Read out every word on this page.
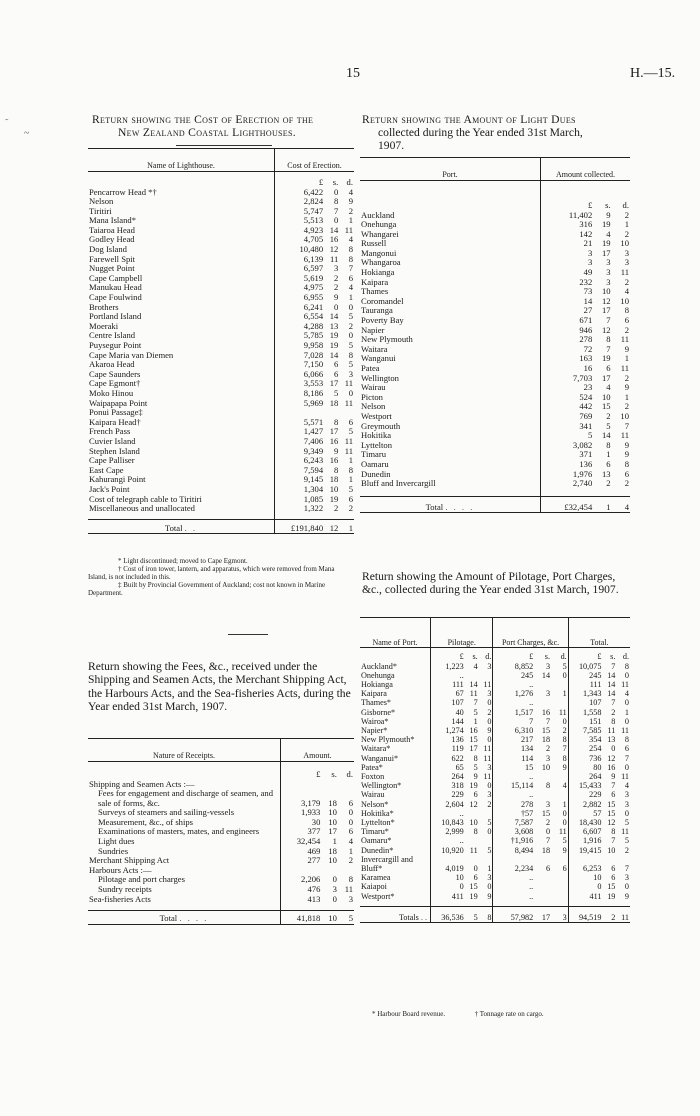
15	H.—15.
˜
~
Return showing the Cost of Erection of the
New Zealand Coastal Lighthouses.
Name of Lighthouse.	Cost of Erection.		
	£	s.	d.
Pencarrow Head *†	6,422	0	4
Nelson	2,824	8	9
Tiritiri	5,747	7	2
Mana Island*	5,513	0	1
Taiaroa Head	4,923	14	11
Godley Head	4,705	16	4
Dog Island	10,480	12	8
Farewell Spit	6,139	11	8
Nugget Point	6,597	3	7
Cape Campbell	5,619	2	6
Manukau Head	4,975	2	4
Cape Foulwind	6,955	9	1
Brothers	6,241	0	0
Portland Island	6,554	14	5
Moeraki	4,288	13	2
Centre Island	5,785	19	0
Puysegur Point	9,958	19	5
Cape Maria van Diemen	7,028	14	8
Akaroa Head	7,150	6	5
Cape Saunders	6,066	6	3
Cape Egmont†	3,553	17	11
Moko Hinou	8,186	5	0
Waipapapa Point	5,969	18	11
Ponui Passage‡			
Kaipara Head†	5,571	8	6
French Pass	1,427	17	5
Cuvier Island	7,406	16	11
Stephen Island	9,349	9	11
Cape Palliser	6,243	16	1
East Cape	7,594	8	8
Kahurangi Point	9,145	18	1
Jack's Point	1,304	10	5
Cost of telegraph cable to Tiritiri	1,085	19	6
Miscellaneous and unallocated	1,322	2	2

Total . .	£191,840	12	1
* Light discontinued; moved to Cape Egmont.
† Cost of iron tower, lantern, and apparatus, which were removed from Mana Island, is not included in this.
‡ Built by Provincial Government of Auckland; cost not known in Marine Department.
Return showing the Amount of Light Dues
collected during the Year ended 31st March,
1907.
Port.	Amount collected.		
	£	s.	d.
Auckland	11,402	9	2
Onehunga	316	19	1
Whangarei	142	4	2
Russell	21	19	10
Mangonui	3	17	3
Whangaroa	3	3	3
Hokianga	49	3	11
Kaipara	232	3	2
Thames	73	10	4
Coromandel	14	12	10
Tauranga	27	17	8
Poverty Bay	671	7	6
Napier	946	12	2
New Plymouth	278	8	11
Waitara	72	7	9
Wanganui	163	19	1
Patea	16	6	11
Wellington	7,703	17	2
Wairau	23	4	9
Picton	524	10	1
Nelson	442	15	2
Westport	769	2	10
Greymouth	341	5	7
Hokitika	5	14	11
Lyttelton	3,082	8	9
Timaru	371	1	9
Oamaru	136	6	8
Dunedin	1,976	13	6
Bluff and Invercargill	2,740	2	2

Total . . . .	£32,454	1	4
Return showing the Fees, &c., received under the Shipping and Seamen Acts, the Merchant Shipping Act, the Harbours Acts, and the Sea-fisheries Acts, during the Year ended 31st March, 1907.
Nature of Receipts.	Amount.		
	£	s.	d.
Shipping and Seamen Acts :—			
Fees for engagement and discharge of seamen, and sale of forms, &c.	3,179	18	6
Surveys of steamers and sailing-vessels	1,933	10	0
Measurement, &c., of ships	30	10	0
Examinations of masters, mates, and engineers	377	17	6
Light dues	32,454	1	4
Sundries	469	18	1
Merchant Shipping Act	277	10	2
Harbours Acts :—			
Pilotage and port charges	2,206	0	8
Sundry receipts	476	3	11
Sea-fisheries Acts	413	0	3

Total . . . .	41,818	10	5
Return showing the Amount of Pilotage, Port Charges, &c., collected during the Year ended 31st March, 1907.
Name of Port.	Pilotage.			Port Charges, &c.			Total.		
	£	s.	d.	£	s.	d.	£	s.	d.
Auckland*	1,223	4	3	8,852	3	5	10,075	7	8
Onehunga	..			245	14	0	245	14	0
Hokianga	111	14	11	..			111	14	11
Kaipara	67	11	3	1,276	3	1	1,343	14	4
Thames*	107	7	0	..			107	7	0
Gisborne*	40	5	2	1,517	16	11	1,558	2	1
Wairoa*	144	1	0	7	7	0	151	8	0
Napier*	1,274	16	9	6,310	15	2	7,585	11	11
New Plymouth*	136	15	0	217	18	8	354	13	8
Waitara*	119	17	11	134	2	7	254	0	6
Wanganui*	622	8	11	114	3	8	736	12	7
Patea*	65	5	3	15	10	9	80	16	0
Foxton	264	9	11	..			264	9	11
Wellington*	318	19	0	15,114	8	4	15,433	7	4
Wairau	229	6	3	..			229	6	3
Nelson*	2,604	12	2	278	3	1	2,882	15	3
Hokitika*	..			†57	15	0	57	15	0
Lyttelton*	10,843	10	5	7,587	2	0	18,430	12	5
Timaru*	2,999	8	0	3,608	0	11	6,607	8	11
Oamaru*	..			†1,916	7	5	1,916	7	5
Dunedin*	10,920	11	5	8,494	18	9	19,415	10	2
Invercargill and Bluff*	4,019	0	1	2,234	6	6	6,253	6	7
Karamea	10	6	3	..			10	6	3
Kaiapoi	0	15	0	..			0	15	0
Westport*	411	19	9	..			411	19	9

Totals ..	36,536	5	8	57,982	17	3	94,519	2	11
* Harbour Board revenue.	† Tonnage rate on cargo.
